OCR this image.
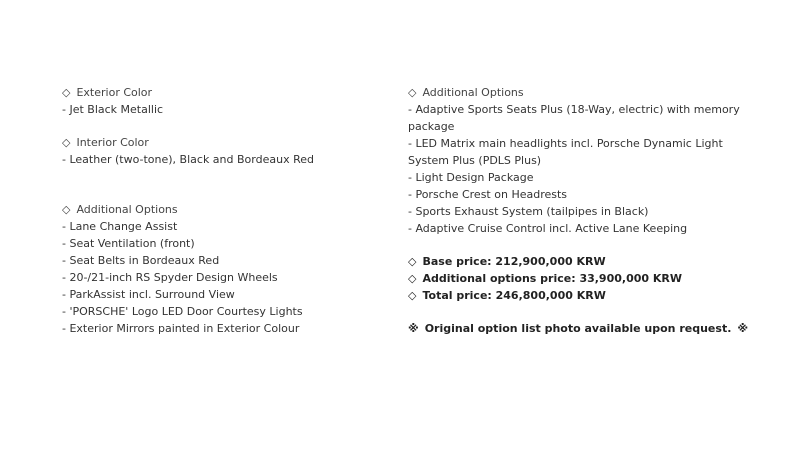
◇ Exterior Color
- Jet Black Metallic
◇ Interior Color
- Leather (two-tone), Black and Bordeaux Red
◇ Additional Options
- Lane Change Assist
- Seat Ventilation (front)
- Seat Belts in Bordeaux Red
- 20-/21-inch RS Spyder Design Wheels
- ParkAssist incl. Surround View
- 'PORSCHE' Logo LED Door Courtesy Lights
- Exterior Mirrors painted in Exterior Colour
◇ Additional Options
- Adaptive Sports Seats Plus (18-Way, electric) with memory package
- LED Matrix main headlights incl. Porsche Dynamic Light System Plus (PDLS Plus)
- Light Design Package
- Porsche Crest on Headrests
- Sports Exhaust System (tailpipes in Black)
- Adaptive Cruise Control incl. Active Lane Keeping
◇ Base price: 212,900,000 KRW
◇ Additional options price: 33,900,000 KRW
◇ Total price: 246,800,000 KRW
※ Original option list photo available upon request. ※
